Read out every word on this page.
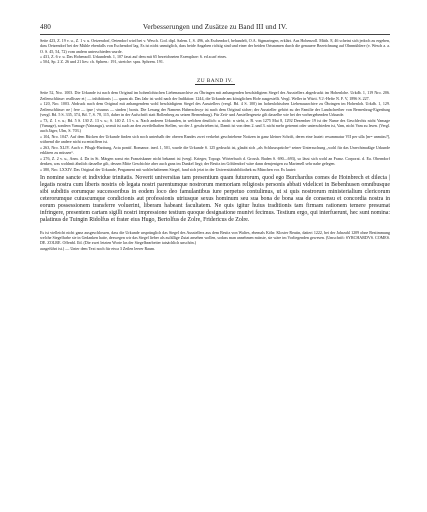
480	Verbesserungen und Zusätze zu Band III und IV.

Seite 423, Z. 19 v. u., Z. 1 v. u. Oetzendorf, Oetendorf wird bei v. Wesch. Cod. dipl. Salem. I, S. 496, als Eschendorf, behandelt, O.A. Sigmaringen, erklärt. Aus Hohenzoll. Mitth. 8, 46 scheint sich jedoch zu ergeben, dass Oetzendorf bei der Mühle ebenfalls von Eschendorf lag. Es ist nicht unmöglich, dass beide Angaben richtig sind und einer der beiden Ortsnamen durch die genauere Bezeichnung auf Ohnmühlere (v. Wesch a. a. O. S. 45, 54, 72) vom andern unterschieden wurde.

» 431, Z. 6 v. u. Das Hohenzoll. Urkundenb. 1, 107 fasst auf dem mit 65 bezeichneten Exemplare: 6. ed.scarf eines.

» 504, Sp. 2 Z. 26 und 21 lies: ch. Sphren.: 191, streiche: spas. Sphrem. 191.

ZU BAND IV.

Seite 52, Nro. 1003. Die Urkunde ist nach dem Original im hohenlohischen Liebenauarchive zu Öhringen mit anhangenden beschädigtem Siegel des Ausstellers abgedruckt im Hohenlohe. Urkdb. 1, 119 Nro. 206. Zeilenschlüsse: reallisser et | — inhibitionis | — quam ab. Das Jahr ist wohl nach der Indiktion: 1244, die Urkunde am königlichen Hofe ausgestellt. Vergl. Weller in Württ. V.J.-Hefte N. F. V, 1896 S. 227.

» 120, Nro. 1003. Abdruck nach dem Original mit anhangendem wohl beschädigtem Siegel des Ausstellers (vergl. Bd. 4 S. 100) im hohenlohischen Liebenauarchive zu Öhringen im Hohenloh. Urkdb. 1, 129. Zeilenschlüsse: ne | fere — ipse | visunus — sinden | bonis. Die Lesung der Namens Haberschwyr ist nach dem Original sicher; der Aussteller gehört zu der Familie der Landschreiber von Bernesbrug-Eigenburg (vergl. Bd. 5 S. 335, 374, Bd. 7, S. 78, 115, daher in der Aufschrift statt Bollenberg zu setzen Bernenburg). Für Zeit- und Anstellergesetz gilt dasselbe wie bei der vorhergehenden Urkunde.

» 73, Z. 1 v. u.; Bd. 5 S. 130 Z. 13 v. u.; S. 140 Z. 13 v. u. Nach anderen Urkunden, in welchen deutlich: u. nicht: n steht, z. B. von 1275 Mai 8, 1292 Dezember 19 ist der Name des Geschlechts nicht Vamage (Vamage), sondern Vamage (Vainaugu), womit ist auch an den zweifelhaften Stellen, wo der J. geschrieben ist, Damit ist von dem 2. und 3. nicht mehr getrennt oder unterschieden ist, Vam, nicht Vam zu lesen. (Vergl. auch Jäger, Ulm, S. 703.)

» 104, Nro. 1047. Auf dem Rücken der Urkunde finden sich noch unterhalb der oberen Randes zwei verkehrt geschriebene Notizen in ganz kleiner Schrift, deren eine lautet: resummatur VII per ulla [m= unmäss?], während die andere nicht zu entziffern ist.

» 263, Nro. XLIV. Auch v. Pflugk-Harttung, Acta pontif. Romanor. ined. 1, 501, wurde die Urkunde S. 125 gedruckt ist, glaubt sich „als Schlusssprüche“ seiner Untersuchung „wohl für das Unrechtmaßige Urkunde erklären zu müssen“.

» 276, Z. 2 v. u., Anm. 4. Da in St. Märgen sonst ein Franziskaner nicht bekannt ist (vergl. Krieger, Topogr. Wörterbuch d. Grossh. Baden S. 690—693), so lässt sich wohl an Franz. Corporat. d. Ea. Oberndorf denken, was wohlmit ähnlich dasselbe gilt, dessen Mitte Geschichte aber auch ganz im Dunkel liegt; der Besitz im Göhlendorf wäre dann demjenigen zu Marienell sehr nahe gelegen.

» 380, Nro. LXXIV. Das Original der Urkunde, Pergament mit wohlerhaltenem Siegel, fand sich jetzt in der Universitätsbibliothek zu München vor. Es lautet:

In nomine sancte et individue trinitatis. Noverit universitas tam presentium quam futurorum, quod ego Burchardus comes de Hoinbrech et dilecta | legatis nostra cum liberis nostris ob legata nostri parentumque nostrorum memoriam religiosis personis abbati videlicet in Bebenhusen omnibusque sibi subditis eorumque successoribus in eodem loco deo famulantibus iure perpetuo contulimus, ut si quis nostrorum ministerialium clericorum ceterorumque cuiuscumque condicionis aut professionis utriusque sexus hominum seu sua bona de bona sua de consensu et concordia nostra in eorum possessionem transferre voluerint, liberam habeant facultatem. Ne quis igitur huius traditionis tam firmam rationem temere presumat infringere, presentem cartam sigilli nostri impressione testium quoque designatione munivi fecimus. Testium ergo, qui interfuerunt, hec sunt nomina: palatinus de Tuingin Ridolfus et frater eius Hugo, Bertolfus de Zolre, Fridericus de Zolre.

Es ist vielleicht nicht ganz ausgeschlossen, dass die Urkunde ursprünglich das Siegel des Ausstellers aus dem Besitz von Waltes, ehemals Köln: Kloster Reutin, datiert 1222, bei der Jahrzahl 1209 ohne Bestimmung welche Siegelfarbe sie in Gedanken hatte, deswegen wir das Siegel lieber als zufällige Zutat ansehen wollen, sodass man annehmen müsste, sie wäre im Vorliegenden gewesen. (Umschrift: SYRCHARDVS. COMES. DE. ZOLRE. Offenbl. Ild. (Die zwei letzten Worte las der Siegelbearbeiter tatsächlich unschön.)

ausgeführt ist.) — Unter dem Text noch für etwa 3 Zeilen leerer Raum.
